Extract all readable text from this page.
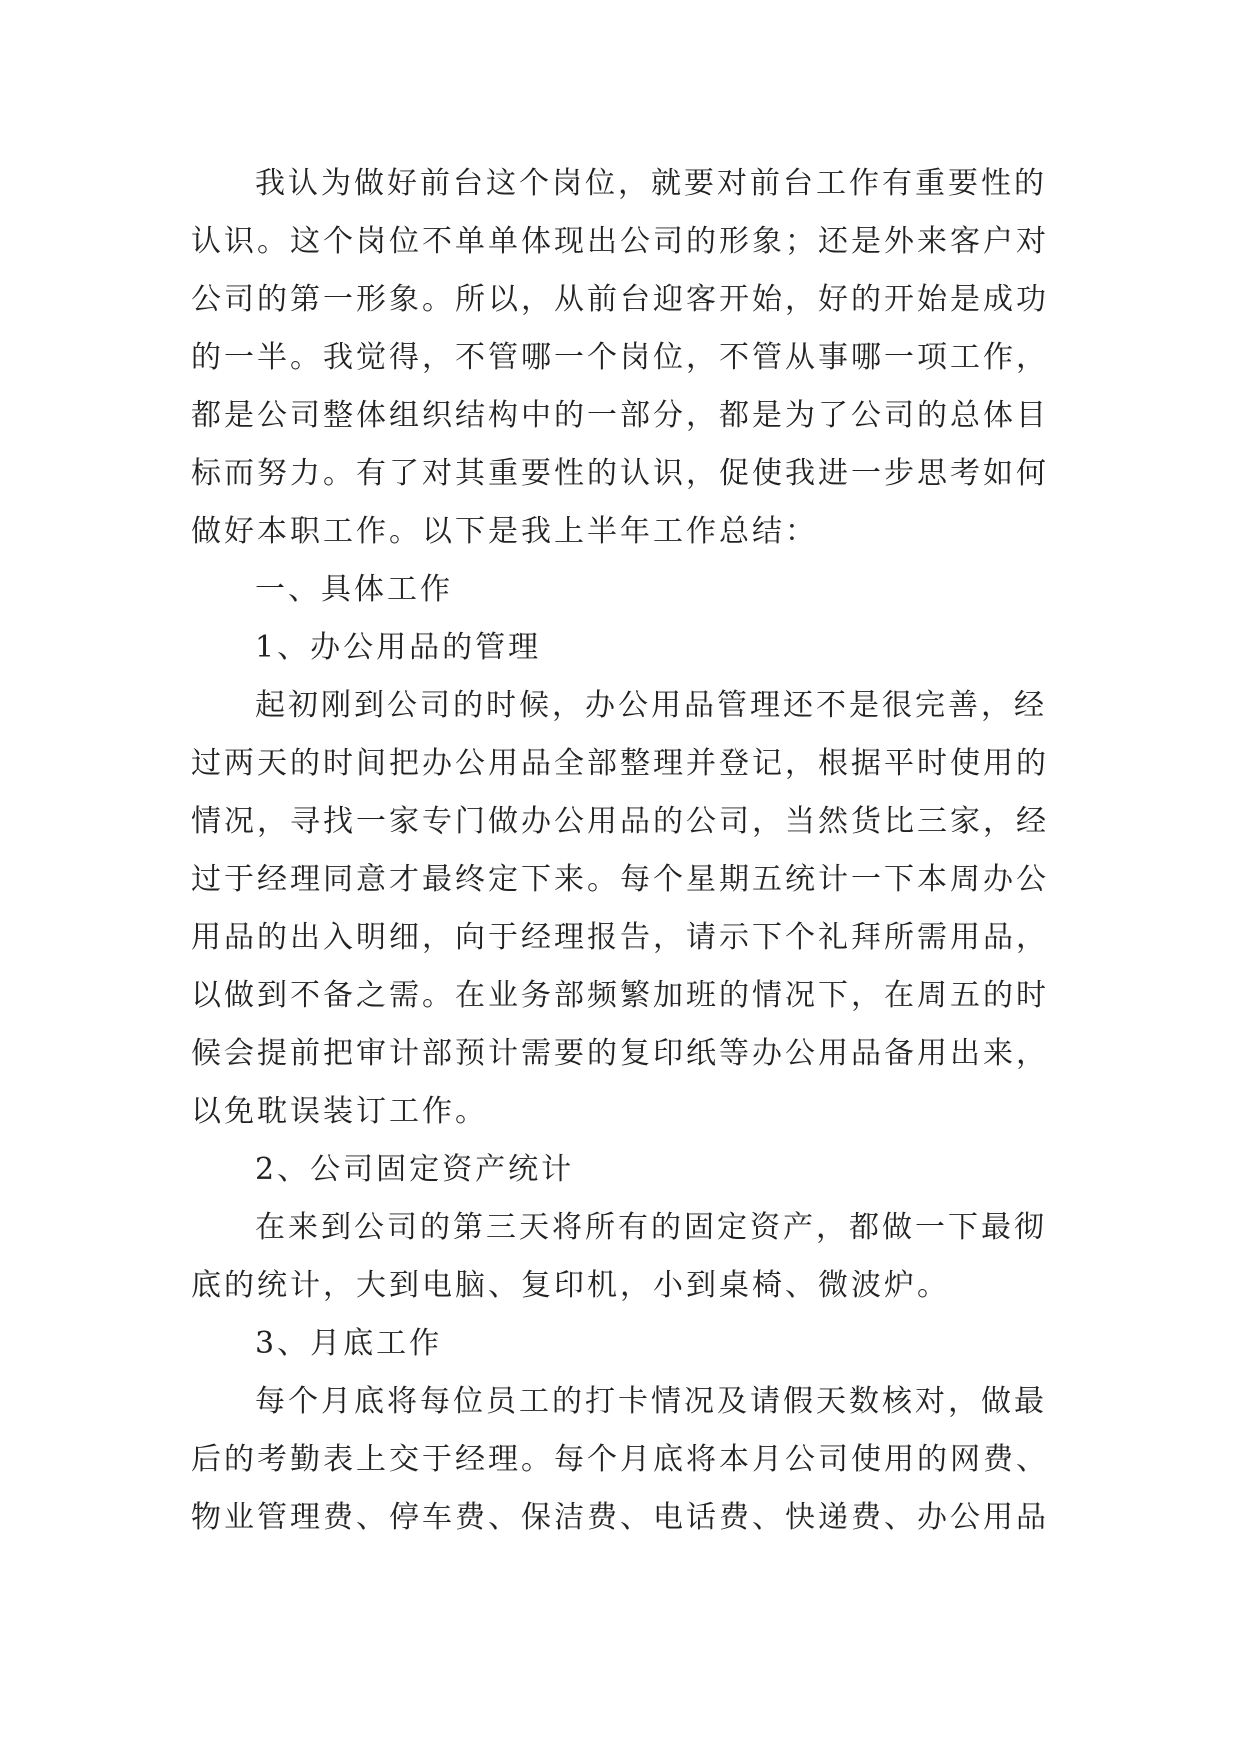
我认为做好前台这个岗位，就要对前台工作有重要性的
认识。这个岗位不单单体现出公司的形象；还是外来客户对
公司的第一形象。所以，从前台迎客开始，好的开始是成功
的一半。我觉得，不管哪一个岗位，不管从事哪一项工作，
都是公司整体组织结构中的一部分，都是为了公司的总体目
标而努力。有了对其重要性的认识，促使我进一步思考如何
做好本职工作。以下是我上半年工作总结：
一、具体工作
1、办公用品的管理
起初刚到公司的时候，办公用品管理还不是很完善，经
过两天的时间把办公用品全部整理并登记，根据平时使用的
情况，寻找一家专门做办公用品的公司，当然货比三家，经
过于经理同意才最终定下来。每个星期五统计一下本周办公
用品的出入明细，向于经理报告，请示下个礼拜所需用品，
以做到不备之需。在业务部频繁加班的情况下，在周五的时
候会提前把审计部预计需要的复印纸等办公用品备用出来，
以免耽误装订工作。
2、公司固定资产统计
在来到公司的第三天将所有的固定资产，都做一下最彻
底的统计，大到电脑、复印机，小到桌椅、微波炉。
3、月底工作
每个月底将每位员工的打卡情况及请假天数核对，做最
后的考勤表上交于经理。每个月底将本月公司使用的网费、
物业管理费、停车费、保洁费、电话费、快递费、办公用品
